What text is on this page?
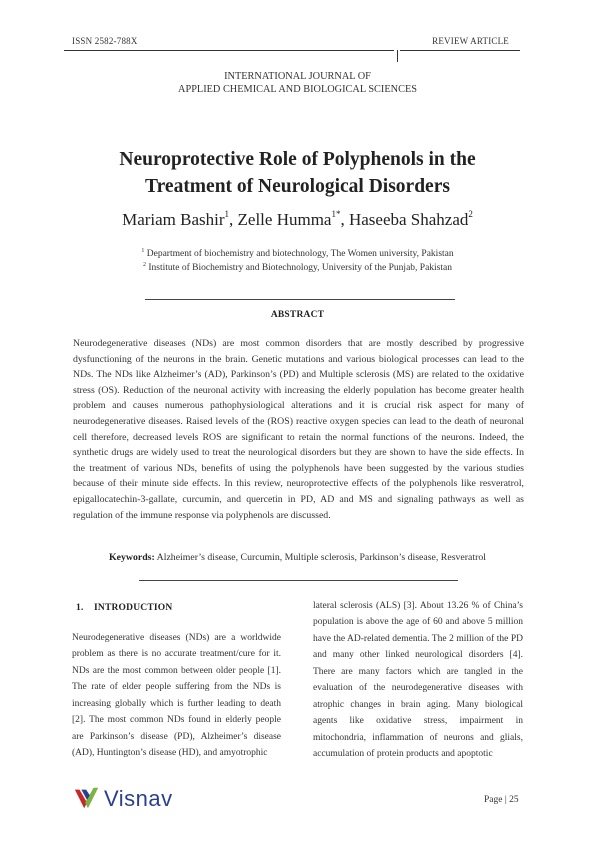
ISSN 2582-788X	REVIEW ARTICLE
INTERNATIONAL JOURNAL OF
APPLIED CHEMICAL AND BIOLOGICAL SCIENCES
Neuroprotective Role of Polyphenols in the
Treatment of Neurological Disorders
Mariam Bashir$^1$, Zelle Humma$^{1*}$, Haseeba Shahzad$^2$
$^1$ Department of biochemistry and biotechnology, The Women university, Pakistan
$^2$ Institute of Biochemistry and Biotechnology, University of the Punjab, Pakistan
ABSTRACT
Neurodegenerative diseases (NDs) are most common disorders that are mostly described by progressive dysfunctioning of the neurons in the brain. Genetic mutations and various biological processes can lead to the NDs. The NDs like Alzheimer’s (AD), Parkinson’s (PD) and Multiple sclerosis (MS) are related to the oxidative stress (OS). Reduction of the neuronal activity with increasing the elderly population has become greater health problem and causes numerous pathophysiological alterations and it is crucial risk aspect for many of neurodegenerative diseases. Raised levels of the (ROS) reactive oxygen species can lead to the death of neuronal cell therefore, decreased levels ROS are significant to retain the normal functions of the neurons. Indeed, the synthetic drugs are widely used to treat the neurological disorders but they are shown to have the side effects. In the treatment of various NDs, benefits of using the polyphenols have been suggested by the various studies because of their minute side effects. In this review, neuroprotective effects of the polyphenols like resveratrol, epigallocatechin-3-gallate, curcumin, and quercetin in PD, AD and MS and signaling pathways as well as regulation of the immune response via polyphenols are discussed.
Keywords: Alzheimer’s disease, Curcumin, Multiple sclerosis, Parkinson’s disease, Resveratrol
1. INTRODUCTION
Neurodegenerative diseases (NDs) are a worldwide problem as there is no accurate treatment/cure for it. NDs are the most common between older people [1]. The rate of elder people suffering from the NDs is increasing globally which is further leading to death [2]. The most common NDs found in elderly people are Parkinson’s disease (PD), Alzheimer’s disease (AD), Huntington’s disease (HD), and amyotrophic
lateral sclerosis (ALS) [3]. About 13.26 % of China’s population is above the age of 60 and above 5 million have the AD-related dementia. The 2 million of the PD and many other linked neurological disorders [4]. There are many factors which are tangled in the evaluation of the neurodegenerative diseases with atrophic changes in brain aging. Many biological agents like oxidative stress, impairment in mitochondria, inflammation of neurons and glials, accumulation of protein products and apoptotic
Visnav	Page | 25
